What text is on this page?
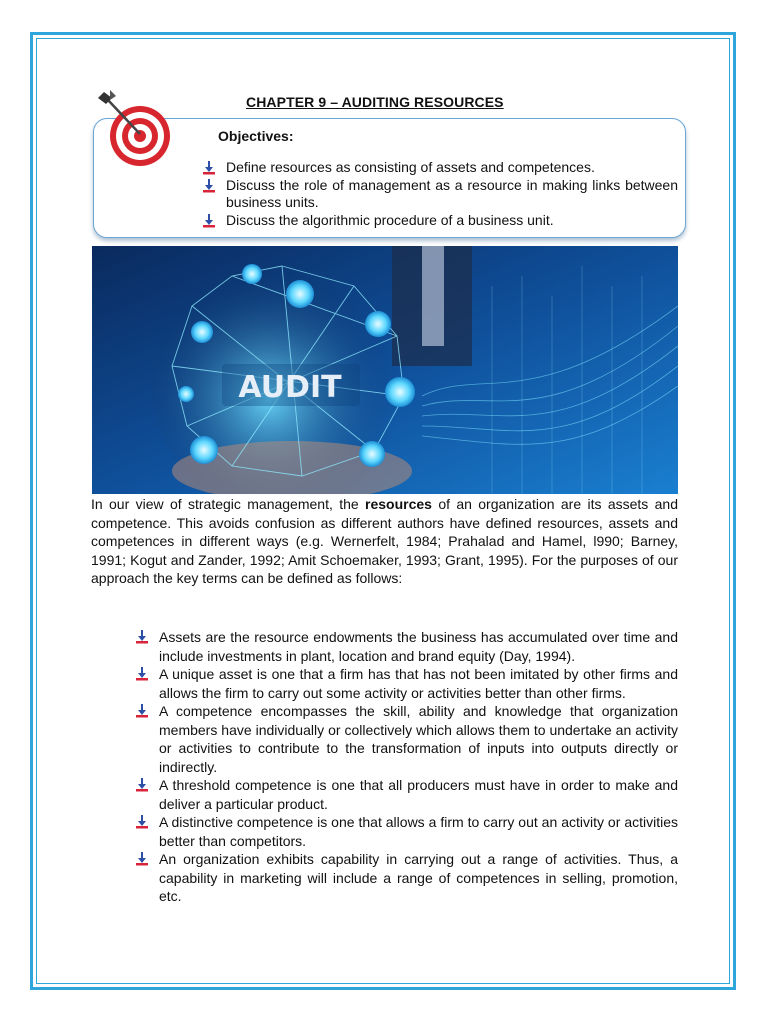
CHAPTER 9 – AUDITING RESOURCES
Objectives:
Define resources as consisting of assets and competences.
Discuss the role of management as a resource in making links between business units.
Discuss the algorithmic procedure of a business unit.
AUDIT

In our view of strategic management, the resources of an organization are its assets and competence. This avoids confusion as different authors have defined resources, assets and competences in different ways (e.g. Wernerfelt, 1984; Prahalad and Hamel, l990; Barney, 1991; Kogut and Zander, 1992; Amit Schoemaker, 1993; Grant, 1995). For the purposes of our approach the key terms can be defined as follows:

Assets are the resource endowments the business has accumulated over time and include investments in plant, location and brand equity (Day, 1994).
A unique asset is one that a firm has that has not been imitated by other firms and allows the firm to carry out some activity or activities better than other firms.
A competence encompasses the skill, ability and knowledge that organization members have individually or collectively which allows them to undertake an activity or activities to contribute to the transformation of inputs into outputs directly or indirectly.
A threshold competence is one that all producers must have in order to make and deliver a particular product.
A distinctive competence is one that allows a firm to carry out an activity or activities better than competitors.
An organization exhibits capability in carrying out a range of activities. Thus, a capability in marketing will include a range of competences in selling, promotion, etc.
